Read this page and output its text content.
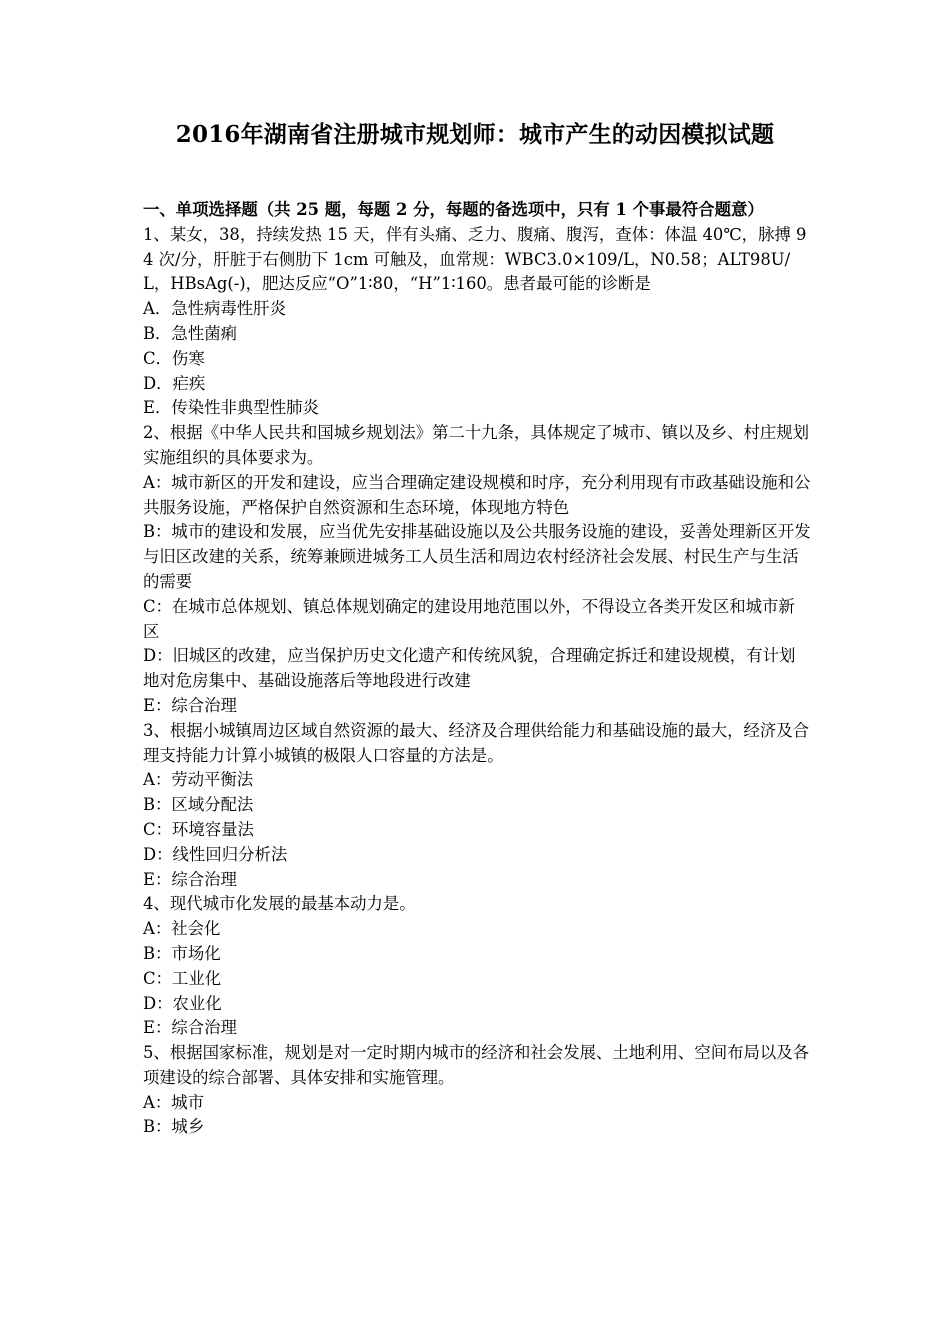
2016年湖南省注册城市规划师：城市产生的动因模拟试题

一、单项选择题（共 25 题，每题 2 分，每题的备选项中，只有 1 个事最符合题意）

1、某女，38，持续发热 15 天，伴有头痛、乏力、腹痛、腹泻，查体：体温 40℃，脉搏 94 次/分，肝脏于右侧肋下 1cm 可触及，血常规：WBC3.0×109/L，N0.58；ALT98U/L，HBsAg(-)，肥达反应“O”1∶80，“H”1∶160。患者最可能的诊断是

A．急性病毒性肝炎

B．急性菌痢

C．伤寒

D．疟疾

E．传染性非典型性肺炎

2、根据《中华人民共和国城乡规划法》第二十九条，具体规定了城市、镇以及乡、村庄规划实施组织的具体要求为。

A：城市新区的开发和建设，应当合理确定建设规模和时序，充分利用现有市政基础设施和公共服务设施，严格保护自然资源和生态环境，体现地方特色

B：城市的建设和发展，应当优先安排基础设施以及公共服务设施的建设，妥善处理新区开发与旧区改建的关系，统筹兼顾进城务工人员生活和周边农村经济社会发展、村民生产与生活的需要

C：在城市总体规划、镇总体规划确定的建设用地范围以外，不得设立各类开发区和城市新区

D：旧城区的改建，应当保护历史文化遗产和传统风貌，合理确定拆迁和建设规模，有计划地对危房集中、基础设施落后等地段进行改建

E：综合治理

3、根据小城镇周边区域自然资源的最大、经济及合理供给能力和基础设施的最大，经济及合理支持能力计算小城镇的极限人口容量的方法是。

A：劳动平衡法

B：区域分配法

C：环境容量法

D：线性回归分析法

E：综合治理

4、现代城市化发展的最基本动力是。

A：社会化

B：市场化

C：工业化

D：农业化

E：综合治理

5、根据国家标准，规划是对一定时期内城市的经济和社会发展、土地利用、空间布局以及各项建设的综合部署、具体安排和实施管理。

A：城市

B：城乡
